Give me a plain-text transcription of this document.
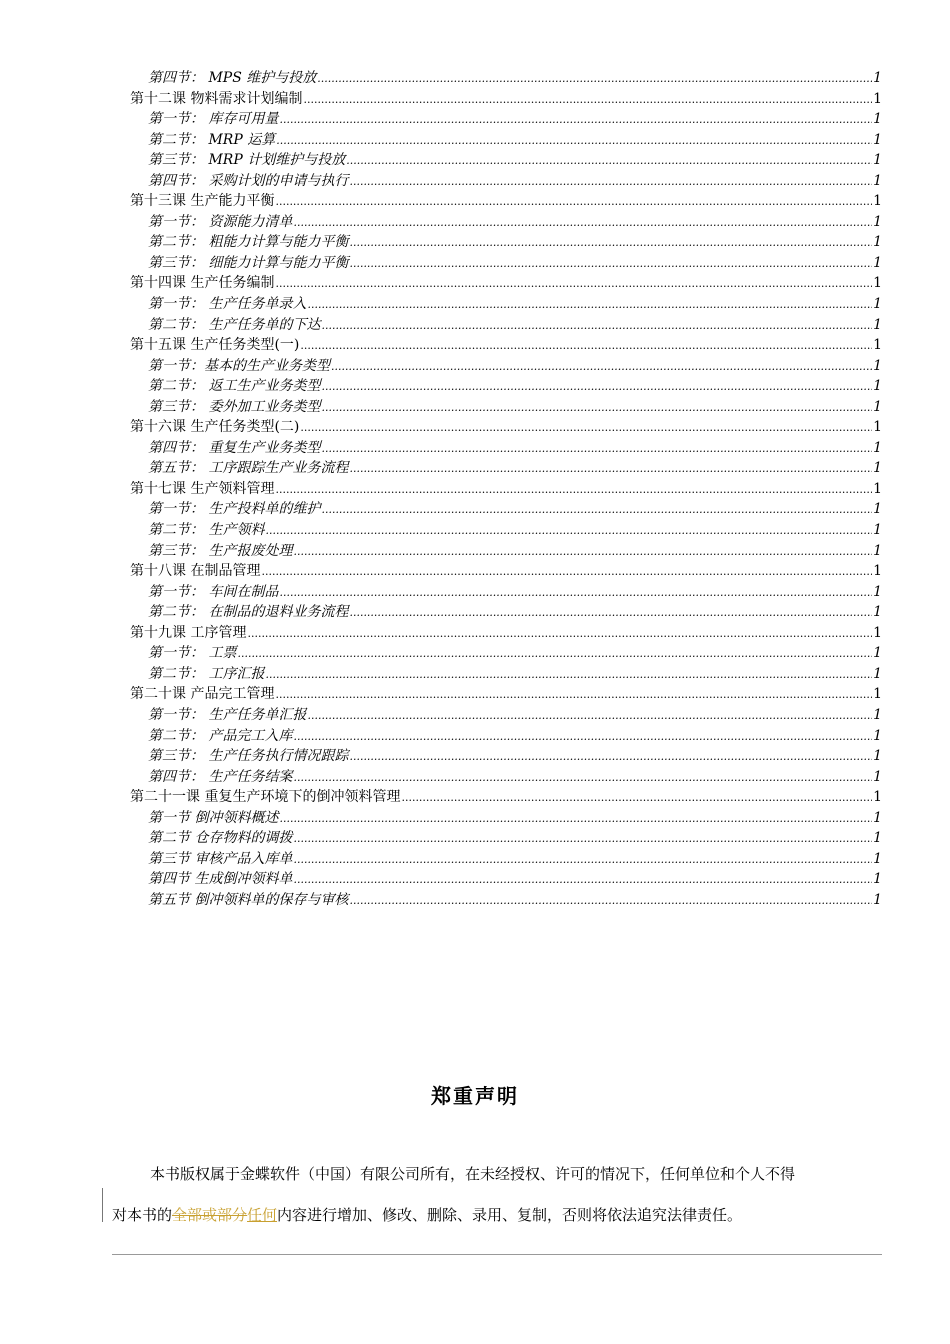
第四节： MPS 维护与投放 .....	1
第十二课 物料需求计划编制 .....	1
第一节： 库存可用量 .....	1
第二节： MRP 运算 .....	1
第三节： MRP 计划维护与投放 .....	1
第四节： 采购计划的申请与执行 .....	1
第十三课 生产能力平衡 .....	1
第一节： 资源能力清单 .....	1
第二节： 粗能力计算与能力平衡 .....	1
第三节： 细能力计算与能力平衡 .....	1
第十四课 生产任务编制 .....	1
第一节： 生产任务单录入 .....	1
第二节： 生产任务单的下达 .....	1
第十五课 生产任务类型(一) .....	1
第一节：基本的生产业务类型 .....	1
第二节： 返工生产业务类型 .....	1
第三节： 委外加工业务类型 .....	1
第十六课 生产任务类型(二) .....	1
第四节： 重复生产业务类型 .....	1
第五节： 工序跟踪生产业务流程 .....	1
第十七课 生产领料管理 .....	1
第一节： 生产投料单的维护 .....	1
第二节： 生产领料 .....	1
第三节： 生产报废处理 .....	1
第十八课 在制品管理 .....	1
第一节： 车间在制品 .....	1
第二节： 在制品的退料业务流程 .....	1
第十九课 工序管理 .....	1
第一节： 工票 .....	1
第二节： 工序汇报 .....	1
第二十课 产品完工管理 .....	1
第一节： 生产任务单汇报 .....	1
第二节： 产品完工入库 .....	1
第三节： 生产任务执行情况跟踪 .....	1
第四节： 生产任务结案 .....	1
第二十一课 重复生产环境下的倒冲领料管理 .....	1
第一节 倒冲领料概述 .....	1
第二节 仓存物料的调拨 .....	1
第三节 审核产品入库单 .....	1
第四节 生成倒冲领料单 .....	1
第五节 倒冲领料单的保存与审核 .....	1
郑重声明
本书版权属于金蝶软件（中国）有限公司所有，在未经授权、许可的情况下，任何单位和个人不得
对本书的全部或部分任何内容进行增加、修改、删除、录用、复制，否则将依法追究法律责任。
